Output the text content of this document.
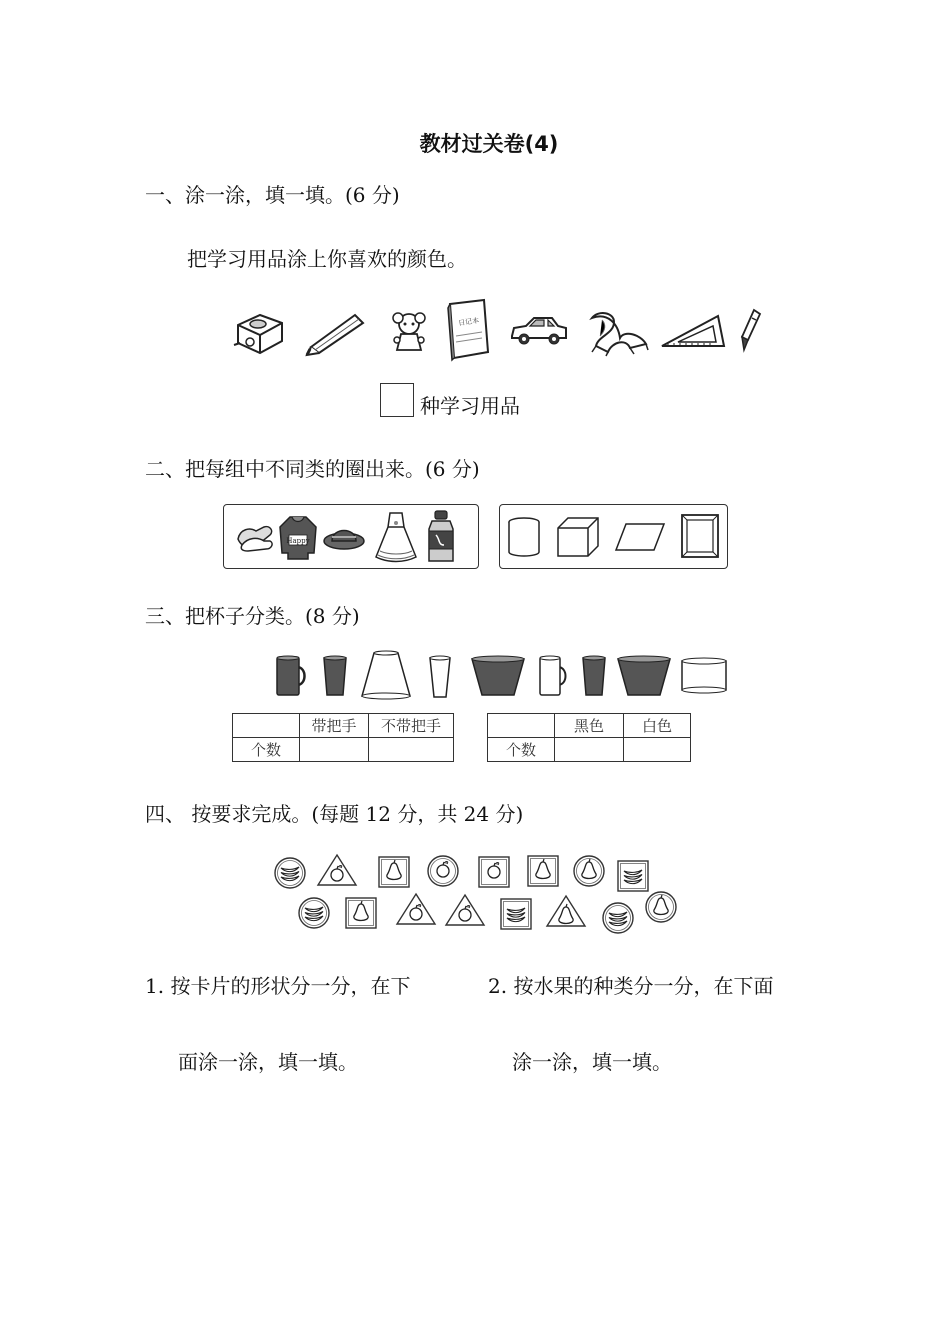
教材过关卷(4)
一、涂一涂，填一填。(6 分)
把学习用品涂上你喜欢的颜色。
日记本
种学习用品
二、把每组中不同类的圈出来。(6 分)
Happy
三、把杯子分类。(8 分)
	带把手	不带把手
个数		
	黑色	白色
个数		
四、 按要求完成。(每题 12 分，共 24 分)
1. 按卡片的形状分一分，在下
面涂一涂，填一填。
2. 按水果的种类分一分，在下面
涂一涂，填一填。
